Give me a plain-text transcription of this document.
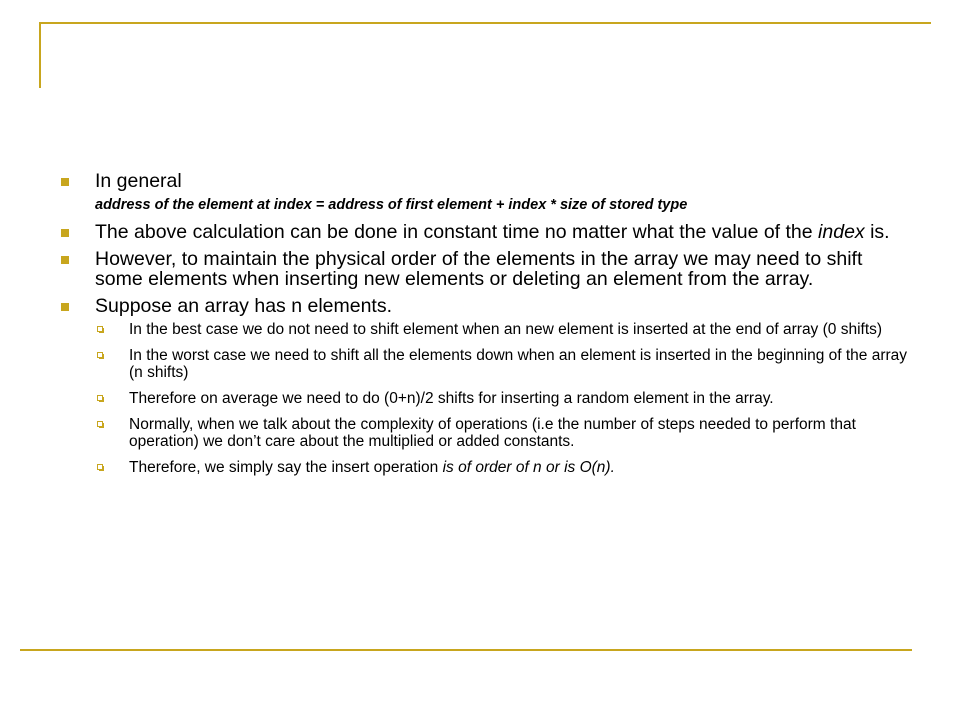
In general
address of the element at index = address of first element + index * size of stored type
The above calculation can be done in constant time no matter what the value of the index is.
However, to maintain the physical order of the elements in the array we may need to shift some elements when inserting new elements or deleting an element from the array.
Suppose an array has n elements.
In the best case we do not need to shift element when an new element is inserted at the end of array (0 shifts)
In the worst case we need to shift all the elements down when an element is inserted in the beginning of the array (n shifts)
Therefore on average we need to do (0+n)/2 shifts for inserting a random element in the array.
Normally, when we talk about the complexity of operations (i.e the number of steps needed to perform that operation) we don’t care about the multiplied or added constants.
Therefore, we simply say the insert operation is of order of n or is O(n).
